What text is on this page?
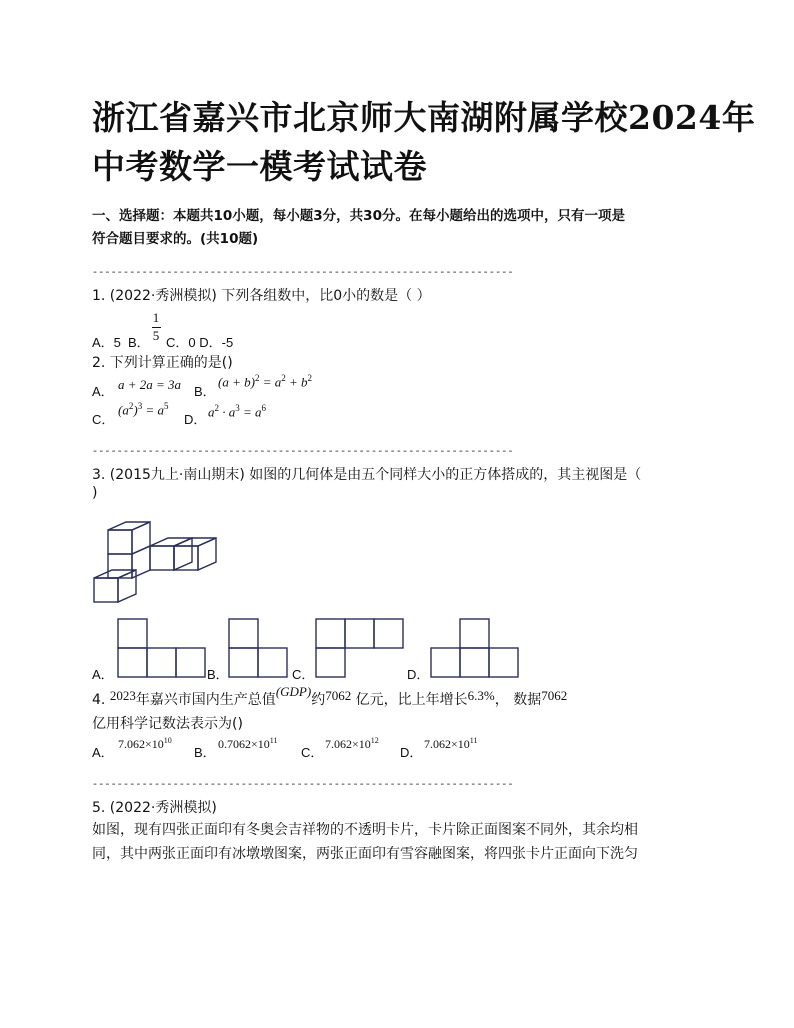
浙江省嘉兴市北京师大南湖附属学校2024年
中考数学一模考试试卷
一、选择题：本题共10小题，每小题3分，共30分。在每小题给出的选项中，只有一项是
符合题目要求的。(共10题)
--------------------------------------------------------------------
1. (2022·秀洲模拟) 下列各组数中，比0小的数是（ ）
A．5 B．
1
5 C．0 D．-5
2. 下列计算正确的是()
A． a + 2a = 3a B．
$(a + b)^2 = a^2 + b^2$
C．
$(a^2)^3 = a^5$
D．
$a^2 \cdot a^3 = a^6$
--------------------------------------------------------------------
3. (2015九上·南山期末) 如图的几何体是由五个同样大小的正方体搭成的，其主视图是（
)
A．	B．	C．	D．
4. 2023年嘉兴市国内生产总值(GDP)约7062 亿元，比上年增长6.3%， 数据7062
亿用科学记数法表示为()
A．
$7.062\times 10^{10}$
B．
$0.7062\times 10^{11}$
C．
$7.062\times 10^{12}$
D．
$7.062\times 10^{11}$
--------------------------------------------------------------------
5. (2022·秀洲模拟)
如图，现有四张正面印有冬奥会吉祥物的不透明卡片，卡片除正面图案不同外，其余均相
同，其中两张正面印有冰墩墩图案，两张正面印有雪容融图案，将四张卡片正面向下洗匀
